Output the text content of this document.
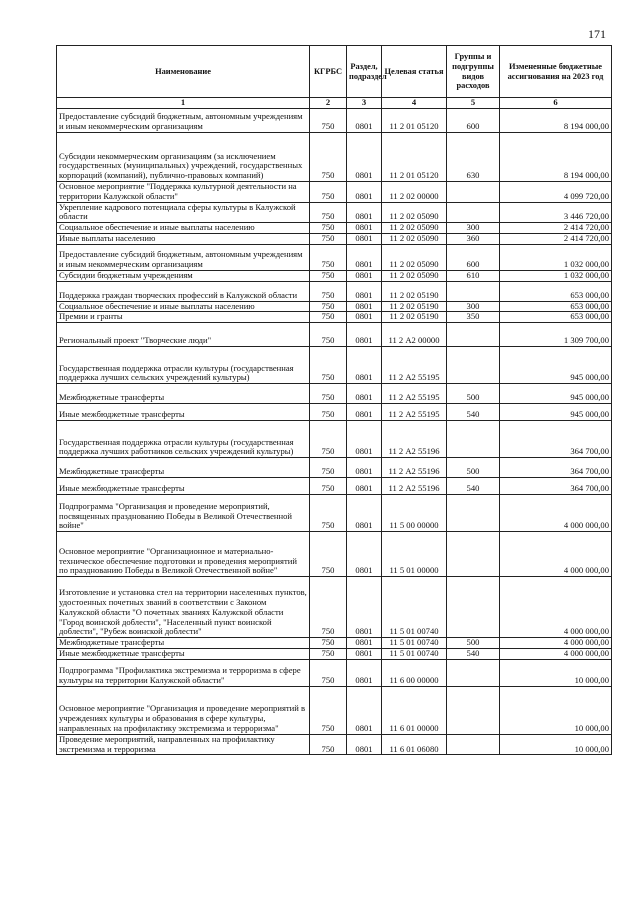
171
Наименование	КГРБС	Раздел, подраздел	Целевая статья	Группы и подгруппы видов расходов	Измененные бюджетные ассигнования на 2023 год
1	2	3	4	5	6
Предоставление субсидий бюджетным, автономным учреждениям и иным некоммерческим организациям	750	0801	11 2 01 05120	600	8 194 000,00
Субсидии некоммерческим организациям (за исключением государственных (муниципальных) учреждений, государственных корпораций (компаний), публично-правовых компаний)	750	0801	11 2 01 05120	630	8 194 000,00
Основное мероприятие "Поддержка культурной деятельности на территории Калужской области"	750	0801	11 2 02 00000		4 099 720,00
Укрепление кадрового потенциала сферы культуры в Калужской области	750	0801	11 2 02 05090		3 446 720,00
Социальное обеспечение и иные выплаты населению	750	0801	11 2 02 05090	300	2 414 720,00
Иные выплаты населению	750	0801	11 2 02 05090	360	2 414 720,00
Предоставление субсидий бюджетным, автономным учреждениям и иным некоммерческим организациям	750	0801	11 2 02 05090	600	1 032 000,00
Субсидии бюджетным учреждениям	750	0801	11 2 02 05090	610	1 032 000,00
Поддержка граждан творческих профессий в Калужской области	750	0801	11 2 02 05190		653 000,00
Социальное обеспечение и иные выплаты населению	750	0801	11 2 02 05190	300	653 000,00
Премии и гранты	750	0801	11 2 02 05190	350	653 000,00
Региональный проект "Творческие люди"	750	0801	11 2 А2 00000		1 309 700,00
Государственная поддержка отрасли культуры (государственная поддержка лучших сельских учреждений культуры)	750	0801	11 2 А2 55195		945 000,00
Межбюджетные трансферты	750	0801	11 2 А2 55195	500	945 000,00
Иные межбюджетные трансферты	750	0801	11 2 А2 55195	540	945 000,00
Государственная поддержка отрасли культуры (государственная поддержка лучших работников сельских учреждений культуры)	750	0801	11 2 А2 55196		364 700,00
Межбюджетные трансферты	750	0801	11 2 А2 55196	500	364 700,00
Иные межбюджетные трансферты	750	0801	11 2 А2 55196	540	364 700,00
Подпрограмма "Организация и проведение мероприятий, посвященных празднованию Победы в Великой Отечественной войне"	750	0801	11 5 00 00000		4 000 000,00
Основное мероприятие "Организационное и материально-техническое обеспечение подготовки и проведения мероприятий по празднованию Победы в Великой Отечественной войне"	750	0801	11 5 01 00000		4 000 000,00
Изготовление и установка стел на территории населенных пунктов, удостоенных почетных званий в соответствии с Законом Калужской области "О почетных званиях Калужской области "Город воинской доблести", "Населенный пункт воинской доблести", "Рубеж воинской доблести"	750	0801	11 5 01 00740		4 000 000,00
Межбюджетные трансферты	750	0801	11 5 01 00740	500	4 000 000,00
Иные межбюджетные трансферты	750	0801	11 5 01 00740	540	4 000 000,00
Подпрограмма "Профилактика экстремизма и терроризма в сфере культуры на территории Калужской области"	750	0801	11 6 00 00000		10 000,00
Основное мероприятие "Организация и проведение мероприятий в учреждениях культуры и образования в сфере культуры, направленных на профилактику экстремизма и терроризма"	750	0801	11 6 01 00000		10 000,00
Проведение мероприятий, направленных на профилактику экстремизма и терроризма	750	0801	11 6 01 06080		10 000,00
